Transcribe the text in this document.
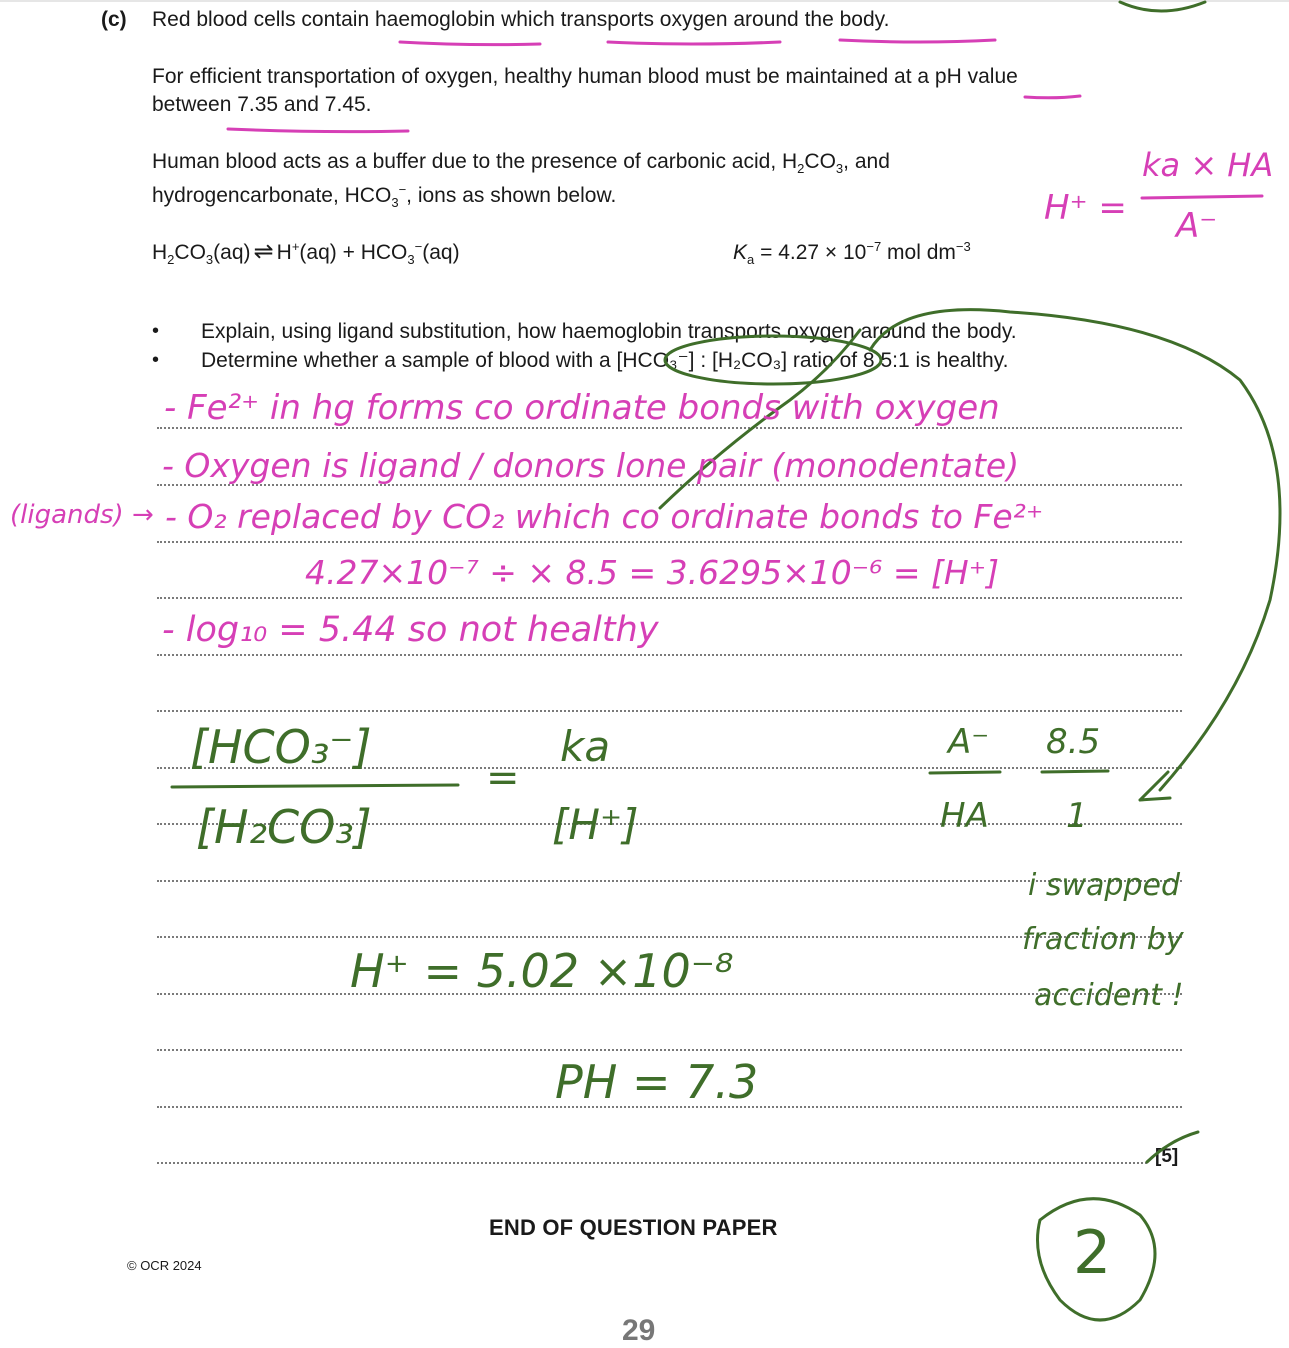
(c) Red blood cells contain haemoglobin which transports oxygen around the body.
For efficient transportation of oxygen, healthy human blood must be maintained at a pH value
between 7.35 and 7.45.
Human blood acts as a buffer due to the presence of carbonic acid, $H_2CO_3$, and
hydrogencarbonate, $HCO_3^-$, ions as shown below.
$H_2CO_3(aq)$ ⇌ $H^+(aq) + HCO_3^-(aq)$	$K_a = 4.27 \times 10^{-7}$ mol $dm^{-3}$
• Explain, using ligand substitution, how haemoglobin transports oxygen around the body.
• Determine whether a sample of blood with a [HCO₃⁻] : [H₂CO₃] ratio of 8.5:1 is healthy.
[5]
END OF QUESTION PAPER
© OCR 2024
29
H⁺ =
ka × HA
A⁻
- Fe²⁺ in hg forms co ordinate bonds with oxygen
- Oxygen is ligand / donors lone pair (monodentate)
(ligands) → - O₂ replaced by CO₂ which co ordinate bonds to Fe²⁺
4.27×10⁻⁷ ÷ × 8.5 = 3.6295×10⁻⁶ = [H⁺]
- log₁₀ = 5.44 so not healthy
[HCO₃⁻]
[H₂CO₃]
=
ka
[H⁺]
A⁻
HA
8.5
1
i swapped
fraction by
accident !
H⁺ = 5.02 ×10⁻⁸
PH = 7.3
2
